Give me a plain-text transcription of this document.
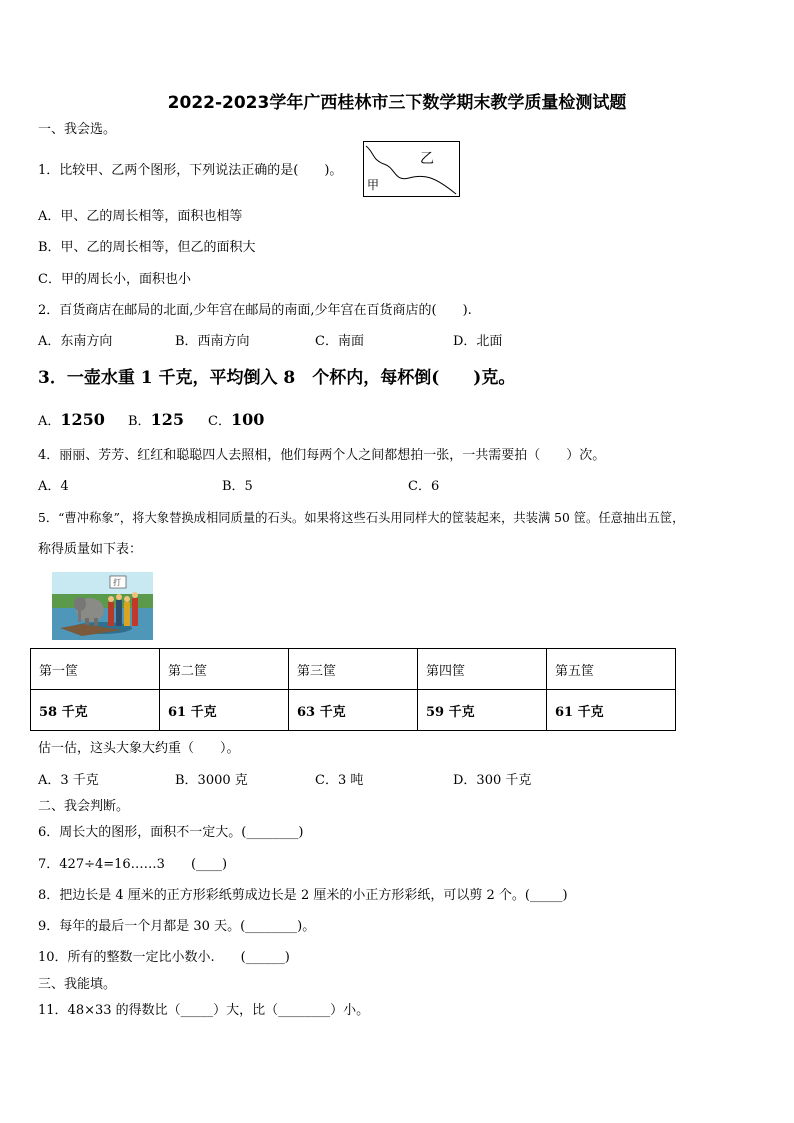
2022-2023学年广西桂林市三下数学期末教学质量检测试题
一、我会选。
1．比较甲、乙两个图形，下列说法正确的是(　　)。
乙
甲
A．甲、乙的周长相等，面积也相等
B．甲、乙的周长相等，但乙的面积大
C．甲的周长小，面积也小
2．百货商店在邮局的北面,少年宫在邮局的南面,少年宫在百货商店的(　　).
A．东南方向	B．西南方向	C．南面	D．北面
3．一壶水重 1 千克，平均倒入 8　个杯内，每杯倒(　　)克。
A．1250 B．125 C．100
4．丽丽、芳芳、红红和聪聪四人去照相，他们每两个人之间都想拍一张，一共需要拍（　　）次。
A．4	B．5	C．6
5．“曹冲称象”，将大象替换成相同质量的石头。如果将这些石头用同样大的筐装起来，共装满 50 筐。任意抽出五筐，
称得质量如下表：
打
第一筐	第二筐	第三筐	第四筐	第五筐
58 千克	61 千克	63 千克	59 千克	61 千克
估一估，这头大象大约重（　　）。
A．3 千克	B．3000 克	C．3 吨	D．300 千克
二、我会判断。
6．周长大的图形，面积不一定大。(________)
7．427÷4=16……3　　(____)
8．把边长是 4 厘米的正方形彩纸剪成边长是 2 厘米的小正方形彩纸，可以剪 2 个。(_____)
9．每年的最后一个月都是 30 天。(________)。
10．所有的整数一定比小数小.　　(______)
三、我能填。
11．48×33 的得数比（_____）大，比（________）小。
